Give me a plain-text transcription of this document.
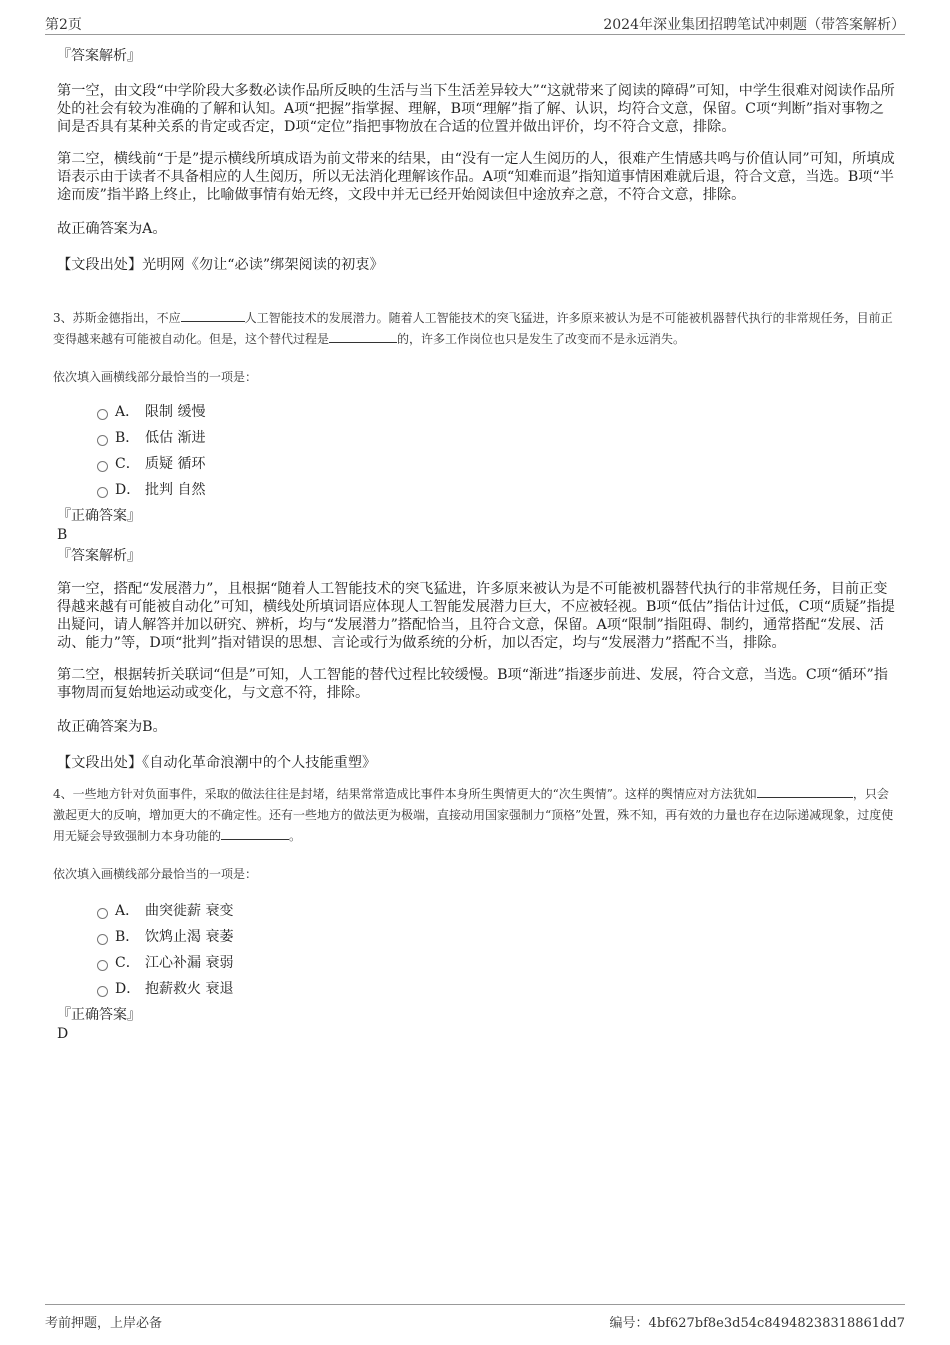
第2页	2024年深业集团招聘笔试冲刺题（带答案解析）

『答案解析』

第一空，由文段“中学阶段大多数必读作品所反映的生活与当下生活差异较大”“这就带来了阅读的障碍”可知，中学生很难对阅读作品所处的社会有较为准确的了解和认知。A项“把握”指掌握、理解，B项“理解”指了解、认识，均符合文意，保留。C项“判断”指对事物之间是否具有某种关系的肯定或否定，D项“定位”指把事物放在合适的位置并做出评价，均不符合文意，排除。

第二空，横线前“于是”提示横线所填成语为前文带来的结果，由“没有一定人生阅历的人，很难产生情感共鸣与价值认同”可知，所填成语表示由于读者不具备相应的人生阅历，所以无法消化理解该作品。A项“知难而退”指知道事情困难就后退，符合文意，当选。B项“半途而废”指半路上终止，比喻做事情有始无终，文段中并无已经开始阅读但中途放弃之意，不符合文意，排除。

故正确答案为A。

【文段出处】光明网《勿让“必读”绑架阅读的初衷》

3、苏斯金德指出，不应	人工智能技术的发展潜力。随着人工智能技术的突飞猛进，许多原来被认为是不可能被机器替代执行的非常规任务，目前正变得越来越有可能被自动化。但是，这个替代过程是	的，许多工作岗位也只是发生了改变而不是永远消失。

依次填入画横线部分最恰当的一项是：

A． 限制 缓慢
B． 低估 渐进
C． 质疑 循环
D． 批判 自然

『正确答案』

B

『答案解析』

第一空，搭配“发展潜力”，且根据“随着人工智能技术的突飞猛进，许多原来被认为是不可能被机器替代执行的非常规任务，目前正变得越来越有可能被自动化”可知，横线处所填词语应体现人工智能发展潜力巨大，不应被轻视。B项“低估”指估计过低，C项“质疑”指提出疑问，请人解答并加以研究、辨析，均与“发展潜力”搭配恰当，且符合文意，保留。A项“限制”指阻碍、制约，通常搭配“发展、活动、能力”等，D项“批判”指对错误的思想、言论或行为做系统的分析，加以否定，均与“发展潜力”搭配不当，排除。

第二空，根据转折关联词“但是”可知，人工智能的替代过程比较缓慢。B项“渐进”指逐步前进、发展，符合文意，当选。C项“循环”指事物周而复始地运动或变化，与文意不符，排除。

故正确答案为B。

【文段出处】《自动化革命浪潮中的个人技能重塑》

4、一些地方针对负面事件，采取的做法往往是封堵，结果常常造成比事件本身所生舆情更大的“次生舆情”。这样的舆情应对方法犹如	，只会激起更大的反响，增加更大的不确定性。还有一些地方的做法更为极端，直接动用国家强制力“顶格”处置，殊不知，再有效的力量也存在边际递减现象，过度使用无疑会导致强制力本身功能的	。

依次填入画横线部分最恰当的一项是：

A． 曲突徙薪 衰变
B． 饮鸩止渴 衰萎
C． 江心补漏 衰弱
D． 抱薪救火 衰退

『正确答案』

D

考前押题，上岸必备	编号：4bf627bf8e3d54c84948238318861dd7
